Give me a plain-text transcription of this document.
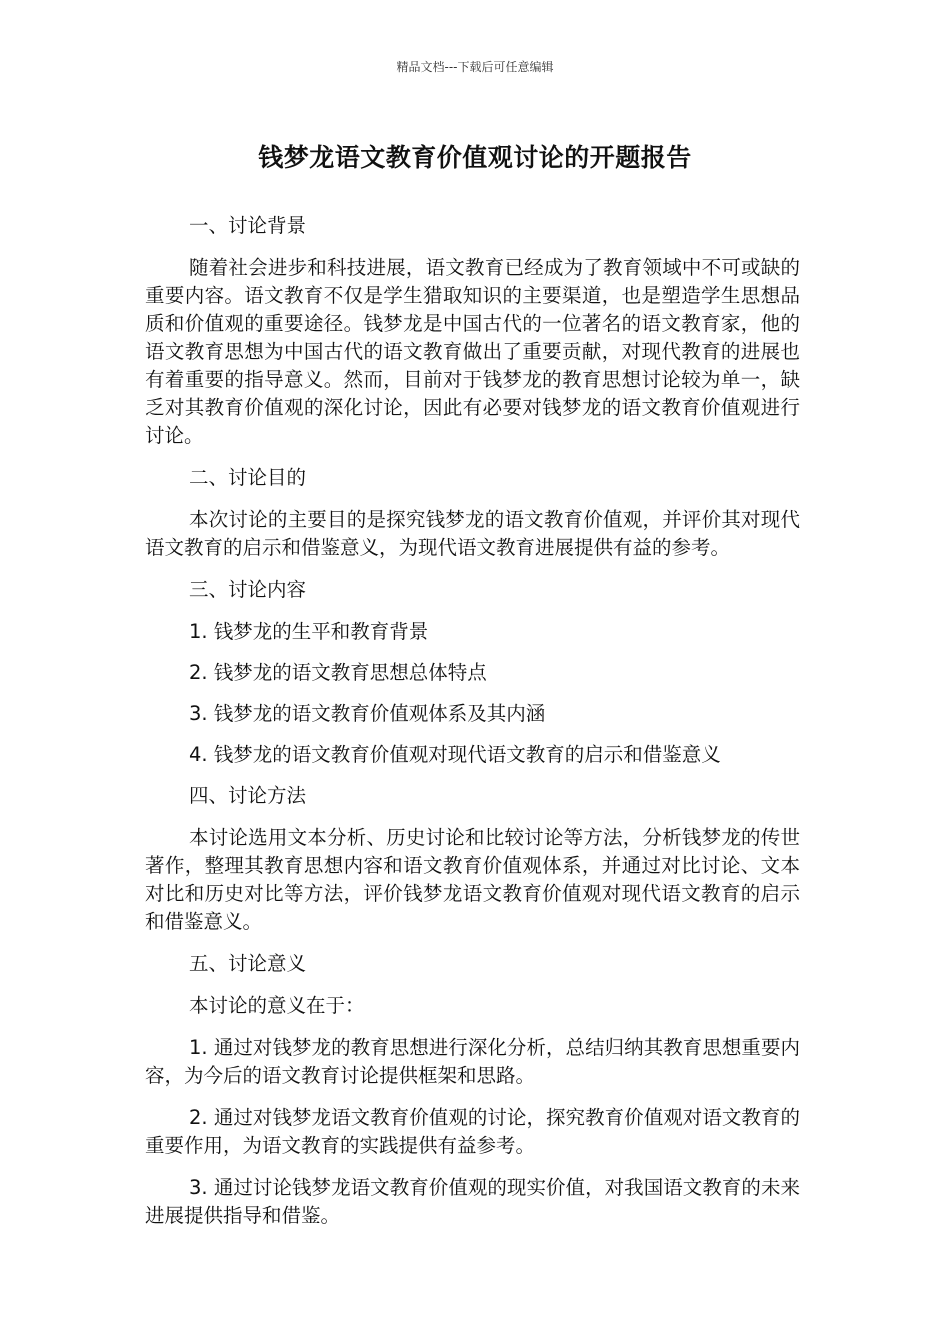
精品文档---下载后可任意编辑
钱梦龙语文教育价值观讨论的开题报告

一、讨论背景

随着社会进步和科技进展，语文教育已经成为了教育领域中不可或缺的重要内容。语文教育不仅是学生猎取知识的主要渠道，也是塑造学生思想品质和价值观的重要途径。钱梦龙是中国古代的一位著名的语文教育家，他的语文教育思想为中国古代的语文教育做出了重要贡献，对现代教育的进展也有着重要的指导意义。然而，目前对于钱梦龙的教育思想讨论较为单一，缺乏对其教育价值观的深化讨论，因此有必要对钱梦龙的语文教育价值观进行讨论。

二、讨论目的

本次讨论的主要目的是探究钱梦龙的语文教育价值观，并评价其对现代语文教育的启示和借鉴意义，为现代语文教育进展提供有益的参考。

三、讨论内容

1. 钱梦龙的生平和教育背景

2. 钱梦龙的语文教育思想总体特点

3. 钱梦龙的语文教育价值观体系及其内涵

4. 钱梦龙的语文教育价值观对现代语文教育的启示和借鉴意义

四、讨论方法

本讨论选用文本分析、历史讨论和比较讨论等方法，分析钱梦龙的传世著作，整理其教育思想内容和语文教育价值观体系，并通过对比讨论、文本对比和历史对比等方法，评价钱梦龙语文教育价值观对现代语文教育的启示和借鉴意义。

五、讨论意义

本讨论的意义在于：

1. 通过对钱梦龙的教育思想进行深化分析，总结归纳其教育思想重要内容，为今后的语文教育讨论提供框架和思路。

2. 通过对钱梦龙语文教育价值观的讨论，探究教育价值观对语文教育的重要作用，为语文教育的实践提供有益参考。

3. 通过讨论钱梦龙语文教育价值观的现实价值，对我国语文教育的未来进展提供指导和借鉴。
